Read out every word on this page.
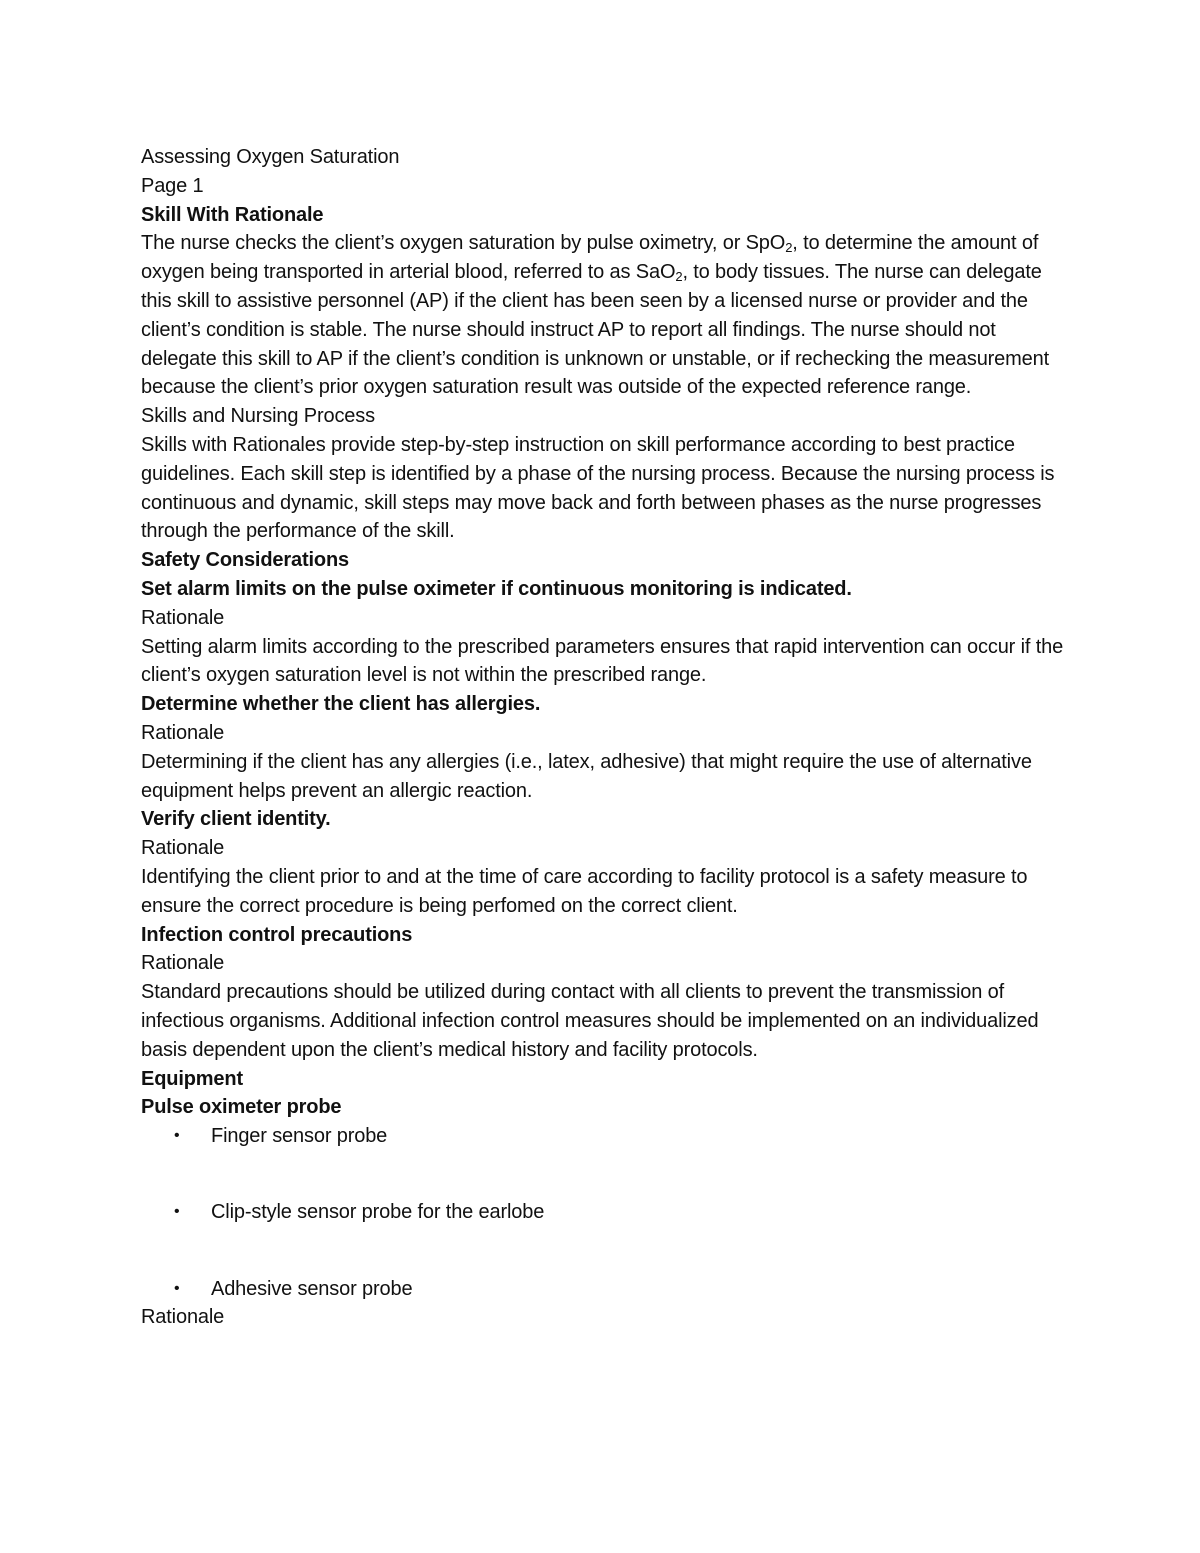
Assessing Oxygen Saturation

Page 1

Skill With Rationale

The nurse checks the client’s oxygen saturation by pulse oximetry, or SpO$_2$, to determine the amount of oxygen being transported in arterial blood, referred to as SaO$_2$, to body tissues. The nurse can delegate this skill to assistive personnel (AP) if the client has been seen by a licensed nurse or provider and the client’s condition is stable. The nurse should instruct AP to report all findings. The nurse should not delegate this skill to AP if the client’s condition is unknown or unstable, or if rechecking the measurement because the client’s prior oxygen saturation result was outside of the expected reference range.

Skills and Nursing Process

Skills with Rationales provide step-by-step instruction on skill performance according to best practice guidelines. Each skill step is identified by a phase of the nursing process. Because the nursing process is continuous and dynamic, skill steps may move back and forth between phases as the nurse progresses through the performance of the skill.

Safety Considerations

Set alarm limits on the pulse oximeter if continuous monitoring is indicated.

Rationale

Setting alarm limits according to the prescribed parameters ensures that rapid intervention can occur if the client’s oxygen saturation level is not within the prescribed range.

Determine whether the client has allergies.

Rationale

Determining if the client has any allergies (i.e., latex, adhesive) that might require the use of alternative equipment helps prevent an allergic reaction.

Verify client identity.

Rationale

Identifying the client prior to and at the time of care according to facility protocol is a safety measure to ensure the correct procedure is being perfomed on the correct client.

Infection control precautions

Rationale

Standard precautions should be utilized during contact with all clients to prevent the transmission of infectious organisms. Additional infection control measures should be implemented on an individualized basis dependent upon the client’s medical history and facility protocols.

Equipment

Pulse oximeter probe

• Finger sensor probe
• Clip-style sensor probe for the earlobe
• Adhesive sensor probe

Rationale
